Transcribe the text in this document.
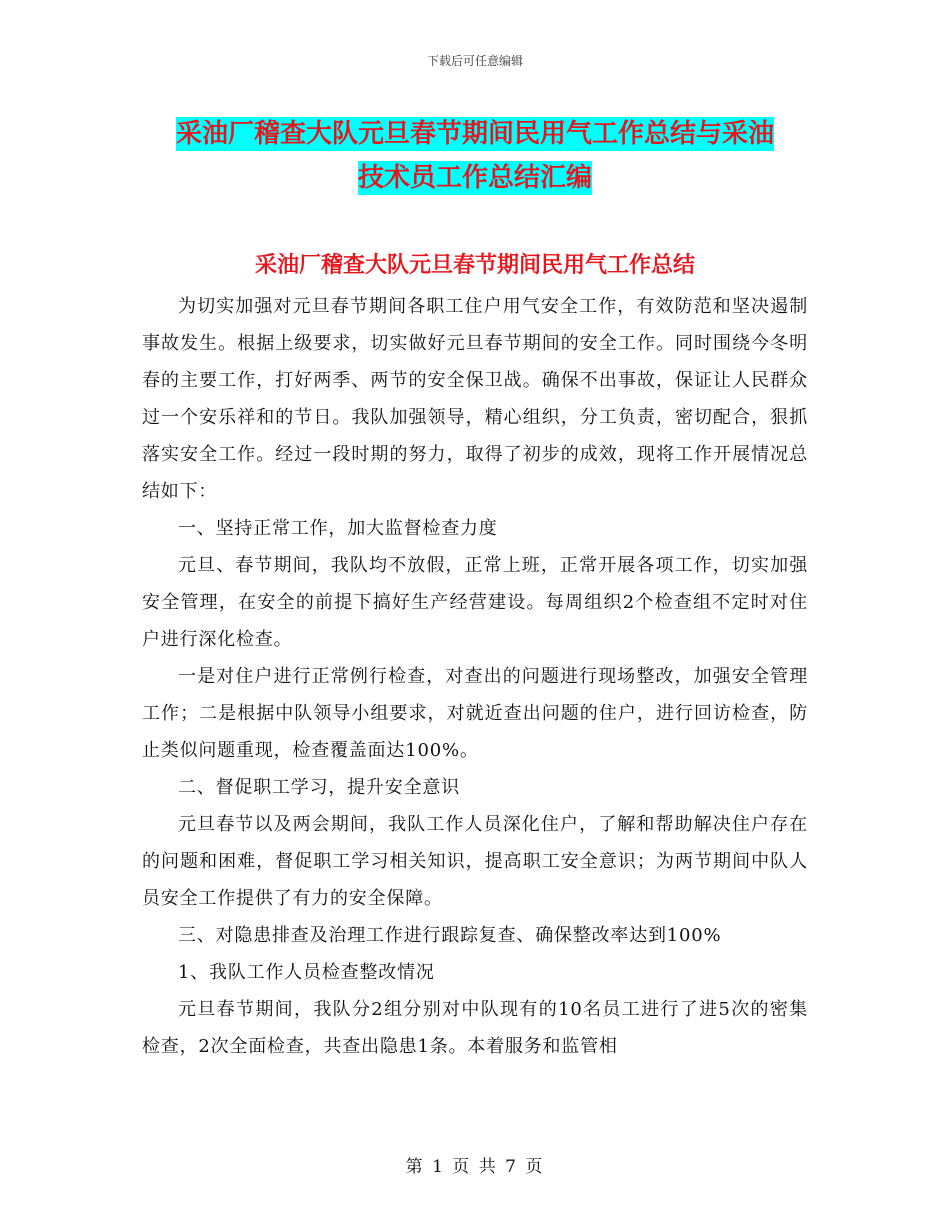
下载后可任意编辑
采油厂稽查大队元旦春节期间民用气工作总结与采油
技术员工作总结汇编
采油厂稽查大队元旦春节期间民用气工作总结

为切实加强对元旦春节期间各职工住户用气安全工作，有效防范和坚决遏制事故发生。根据上级要求，切实做好元旦春节期间的安全工作。同时围绕今冬明春的主要工作，打好两季、两节的安全保卫战。确保不出事故，保证让人民群众过一个安乐祥和的节日。我队加强领导，精心组织，分工负责，密切配合，狠抓落实安全工作。经过一段时期的努力，取得了初步的成效，现将工作开展情况总结如下：

一、坚持正常工作，加大监督检查力度

元旦、春节期间，我队均不放假，正常上班，正常开展各项工作，切实加强安全管理，在安全的前提下搞好生产经营建设。每周组织2个检查组不定时对住户进行深化检查。

一是对住户进行正常例行检查，对查出的问题进行现场整改，加强安全管理工作；二是根据中队领导小组要求，对就近查出问题的住户，进行回访检查，防止类似问题重现，检查覆盖面达100%。

二、督促职工学习，提升安全意识

元旦春节以及两会期间，我队工作人员深化住户，了解和帮助解决住户存在的问题和困难，督促职工学习相关知识，提高职工安全意识；为两节期间中队人员安全工作提供了有力的安全保障。

三、对隐患排查及治理工作进行跟踪复查、确保整改率达到100%

1、我队工作人员检查整改情况

元旦春节期间，我队分2组分别对中队现有的10名员工进行了进5次的密集检查，2次全面检查，共查出隐患1条。本着服务和监管相

第 1 页 共 7 页
